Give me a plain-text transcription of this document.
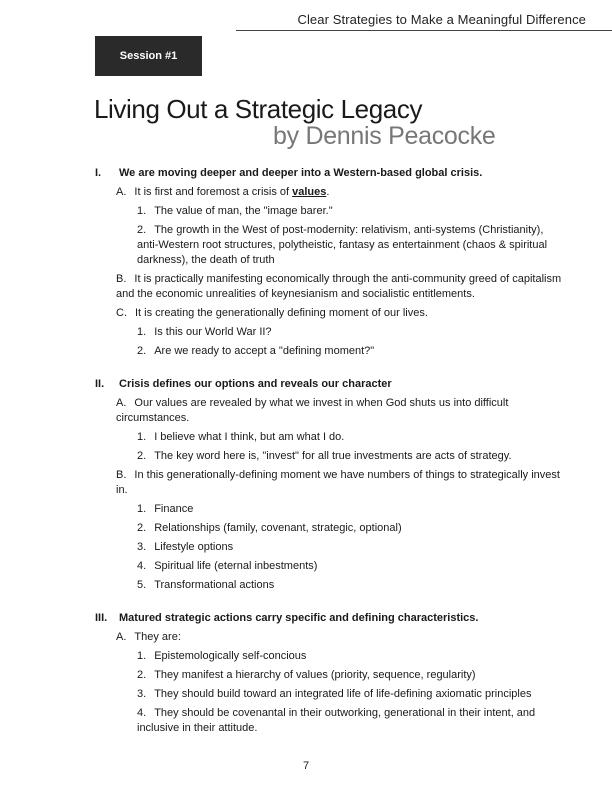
Clear Strategies to Make a Meaningful Difference
Session #1
Living Out a Strategic Legacy
by Dennis Peacocke
I.	We are moving deeper and deeper into a Western-based global crisis.
A. It is first and foremost a crisis of values.
1. The value of man, the "image barer."
2. The growth in the West of post-modernity: relativism, anti-systems (Christianity), anti-Western root structures, polytheistic, fantasy as entertainment (chaos & spiritual darkness), the death of truth
B. It is practically manifesting economically through the anti-community greed of capitalism and the economic unrealities of keynesianism and socialistic entitlements.
C. It is creating the generationally defining moment of our lives.
1. Is this our World War II?
2. Are we ready to accept a "defining moment?"
II.	Crisis defines our options and reveals our character
A. Our values are revealed by what we invest in when God shuts us into difficult circumstances.
1. I believe what I think, but am what I do.
2. The key word here is, "invest" for all true investments are acts of strategy.
B. In this generationally-defining moment we have numbers of things to strategically invest in.
1. Finance
2. Relationships (family, covenant, strategic, optional)
3. Lifestyle options
4. Spiritual life (eternal inbestments)
5. Transformational actions
III.	Matured strategic actions carry specific and defining characteristics.
A. They are:
1. Epistemologically self-concious
2. They manifest a hierarchy of values (priority, sequence, regularity)
3. They should build toward an integrated life of life-defining axiomatic principles
4. They should be covenantal in their outworking, generational in their intent, and inclusive in their attitude.
7
